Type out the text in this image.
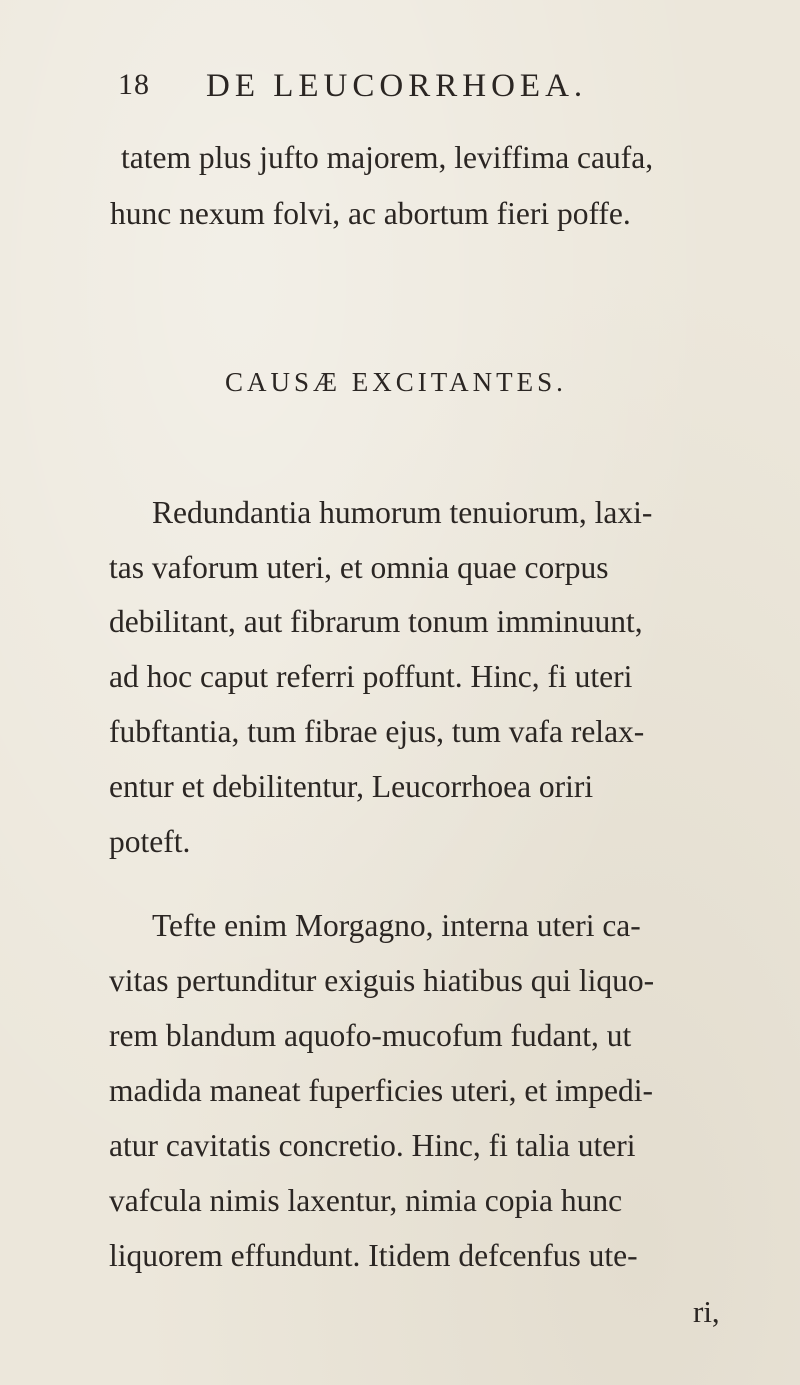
18 DE LEUCORRHOEA.
tatem plus jufto majorem, leviffima caufa,
hunc nexum folvi, ac abortum fieri poffe.
CAUSÆ EXCITANTES.
Redundantia humorum tenuiorum, laxi-
tas vaforum uteri, et omnia quae corpus
debilitant, aut fibrarum tonum imminuunt,
ad hoc caput referri poffunt. Hinc, fi uteri
fubftantia, tum fibrae ejus, tum vafa relax-
entur et debilitentur, Leucorrhoea oriri
poteft.
Tefte enim Morgagno, interna uteri ca-
vitas pertunditur exiguis hiatibus qui liquo-
rem blandum aquofo-mucofum fudant, ut
madida maneat fuperficies uteri, et impedi-
atur cavitatis concretio. Hinc, fi talia uteri
vafcula nimis laxentur, nimia copia hunc
liquorem effundunt. Itidem defcenfus ute-
ri,
